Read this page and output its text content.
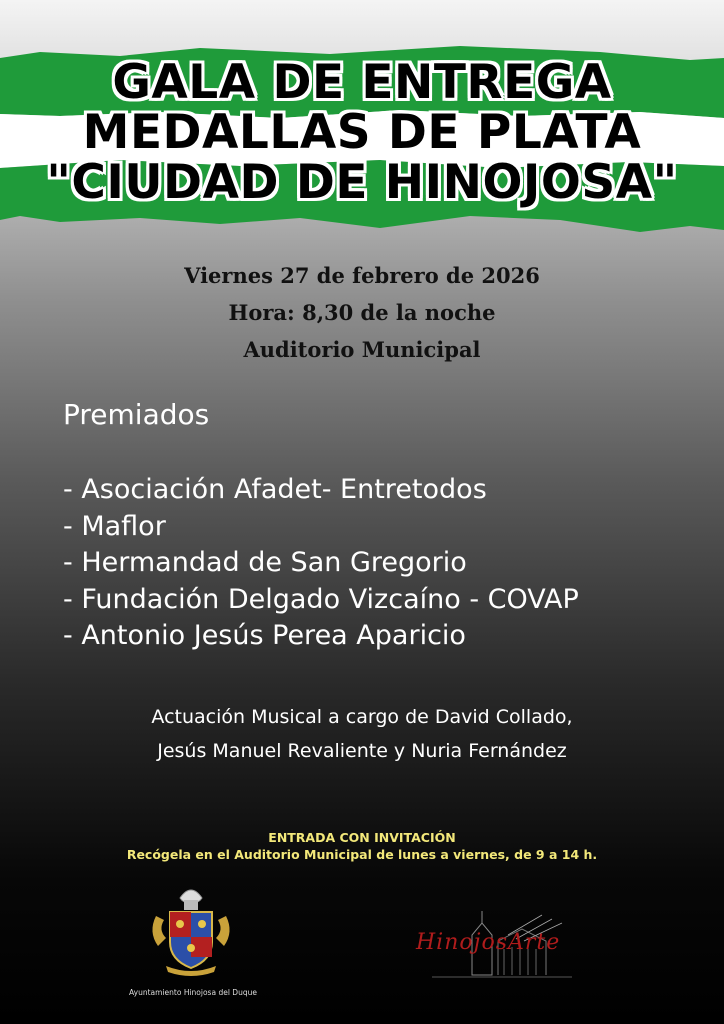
GALA DE ENTREGA
MEDALLAS DE PLATA
"CIUDAD DE HINOJOSA"
Viernes 27 de febrero de 2026
Hora: 8,30 de la noche
Auditorio Municipal
Premiados
- Asociación Afadet- Entretodos
- Maflor
- Hermandad de San Gregorio
- Fundación Delgado Vizcaíno - COVAP
- Antonio Jesús Perea Aparicio
Actuación Musical a cargo de David Collado,
Jesús Manuel Revaliente y Nuria Fernández
ENTRADA CON INVITACIÓN
Recógela en el Auditorio Municipal de lunes a viernes, de 9 a 14 h.
Ayuntamiento Hinojosa del Duque
HinojosArte
